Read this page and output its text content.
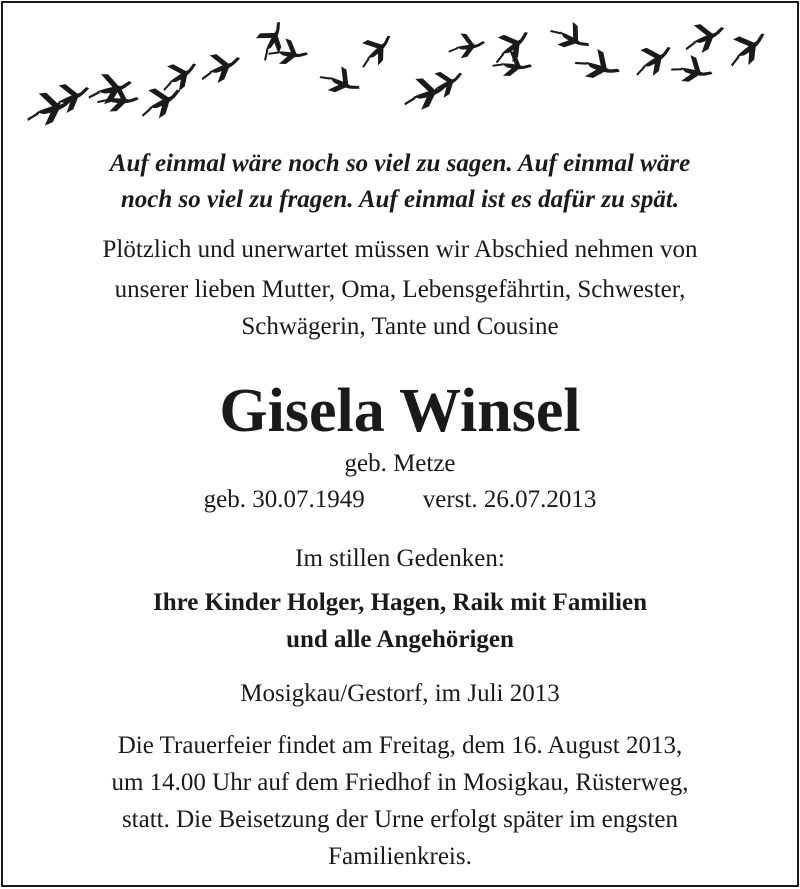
Auf einmal wäre noch so viel zu sagen. Auf einmal wäre
noch so viel zu fragen. Auf einmal ist es dafür zu spät.
Plötzlich und unerwartet müssen wir Abschied nehmen von
unserer lieben Mutter, Oma, Lebensgefährtin, Schwester,
Schwägerin, Tante und Cousine
Gisela Winsel
geb. Metze
geb. 30.07.1949 verst. 26.07.2013
Im stillen Gedenken:
Ihre Kinder Holger, Hagen, Raik mit Familien
und alle Angehörigen
Mosigkau/Gestorf, im Juli 2013
Die Trauerfeier findet am Freitag, dem 16. August 2013,
um 14.00 Uhr auf dem Friedhof in Mosigkau, Rüsterweg,
statt. Die Beisetzung der Urne erfolgt später im engsten
Familienkreis.
